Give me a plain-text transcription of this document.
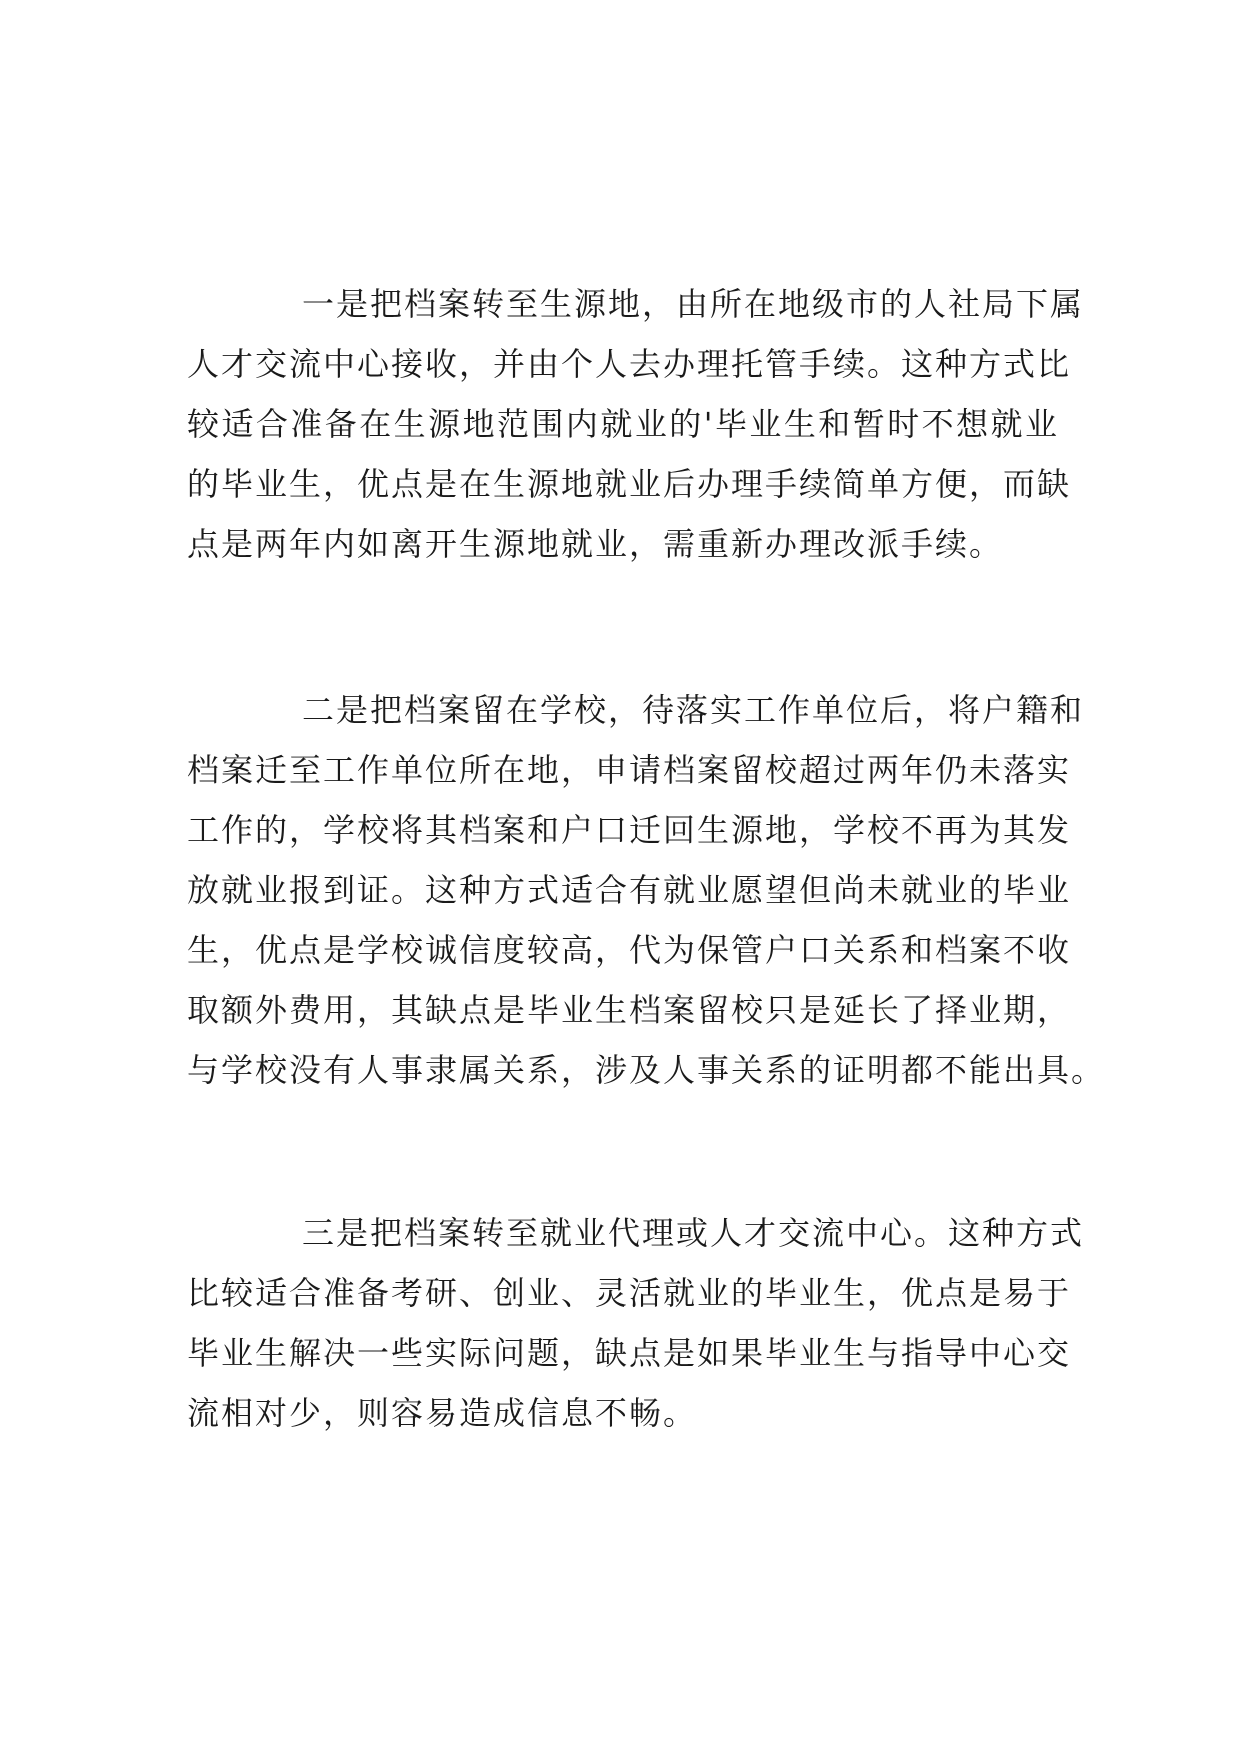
一是把档案转至生源地，由所在地级市的人社局下属
人才交流中心接收，并由个人去办理托管手续。这种方式比
较适合准备在生源地范围内就业的'毕业生和暂时不想就业
的毕业生，优点是在生源地就业后办理手续简单方便，而缺
点是两年内如离开生源地就业，需重新办理改派手续。
二是把档案留在学校，待落实工作单位后，将户籍和
档案迁至工作单位所在地，申请档案留校超过两年仍未落实
工作的，学校将其档案和户口迁回生源地，学校不再为其发
放就业报到证。这种方式适合有就业愿望但尚未就业的毕业
生，优点是学校诚信度较高，代为保管户口关系和档案不收
取额外费用，其缺点是毕业生档案留校只是延长了择业期，
与学校没有人事隶属关系，涉及人事关系的证明都不能出具。
三是把档案转至就业代理或人才交流中心。这种方式
比较适合准备考研、创业、灵活就业的毕业生，优点是易于
毕业生解决一些实际问题，缺点是如果毕业生与指导中心交
流相对少，则容易造成信息不畅。
